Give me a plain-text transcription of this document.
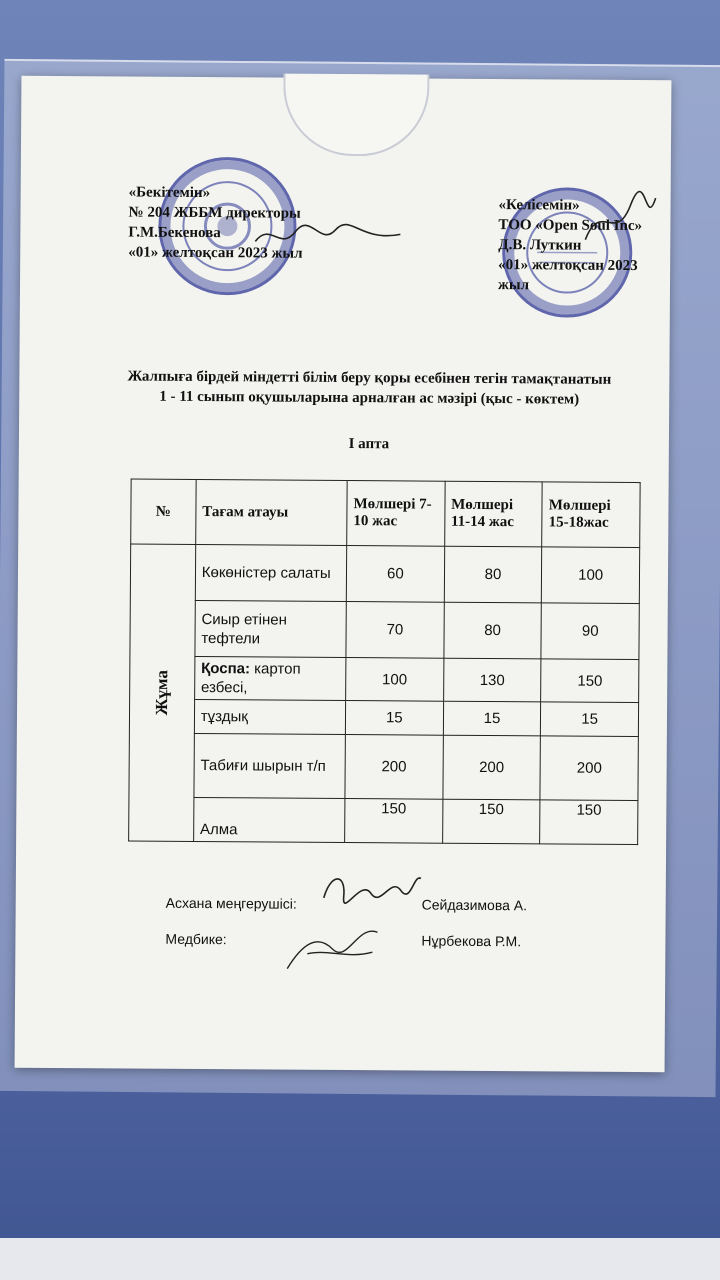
«Бекітемін»
№ 204 ЖББМ директоры
Г.М.Бекенова
«01» желтоқсан 2023 жыл
«Келісемін»
ТОО «Open Soul Inc»
Д.В. Луткин
«01» желтоқсан 2023 жыл
Жалпыға бірдей міндетті білім беру қоры есебінен тегін тамақтанатын
1 - 11 сынып оқушыларына арналған ас мәзірі (қыс - көктем)
I апта
№	Тағам атауы	Мөлшері 7-10 жас	Мөлшері 11-14 жас	Мөлшері 15-18жас

Жұма	Көкөністер салаты	60	80	100
	Сиыр етінен тефтели	70	80	90
	Қоспа: картоп езбесі,	100	130	150
	тұздық	15	15	15
	Табиғи шырын т/п	200	200	200
	Алма	150	150	150
Асхана меңгерушісі:	Сейдазимова А.
Медбике:	Нұрбекова Р.М.
